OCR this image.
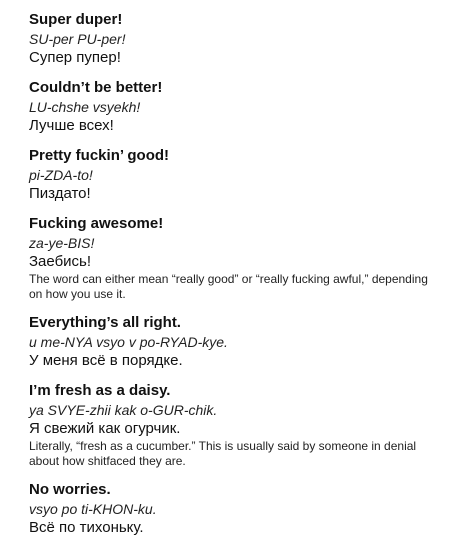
Super duper!
SU-per PU-per!
Супер пупер!
Couldn’t be better!
LU-chshe vsyekh!
Лучше всех!
Pretty fuckin’ good!
pi-ZDA-to!
Пиздато!
Fucking awesome!
za-ye-BIS!
Заебись!
The word can either mean “really good” or “really fucking awful,” depending on how you use it.
Everything’s all right.
u me-NYA vsyo v po-RYAD-kye.
У меня всё в порядке.
I’m fresh as a daisy.
ya SVYE-zhii kak o-GUR-chik.
Я свежий как огурчик.
Literally, “fresh as a cucumber.” This is usually said by someone in denial about how shitfaced they are.
No worries.
vsyo po ti-KHON-ku.
Всё по тихоньку.
